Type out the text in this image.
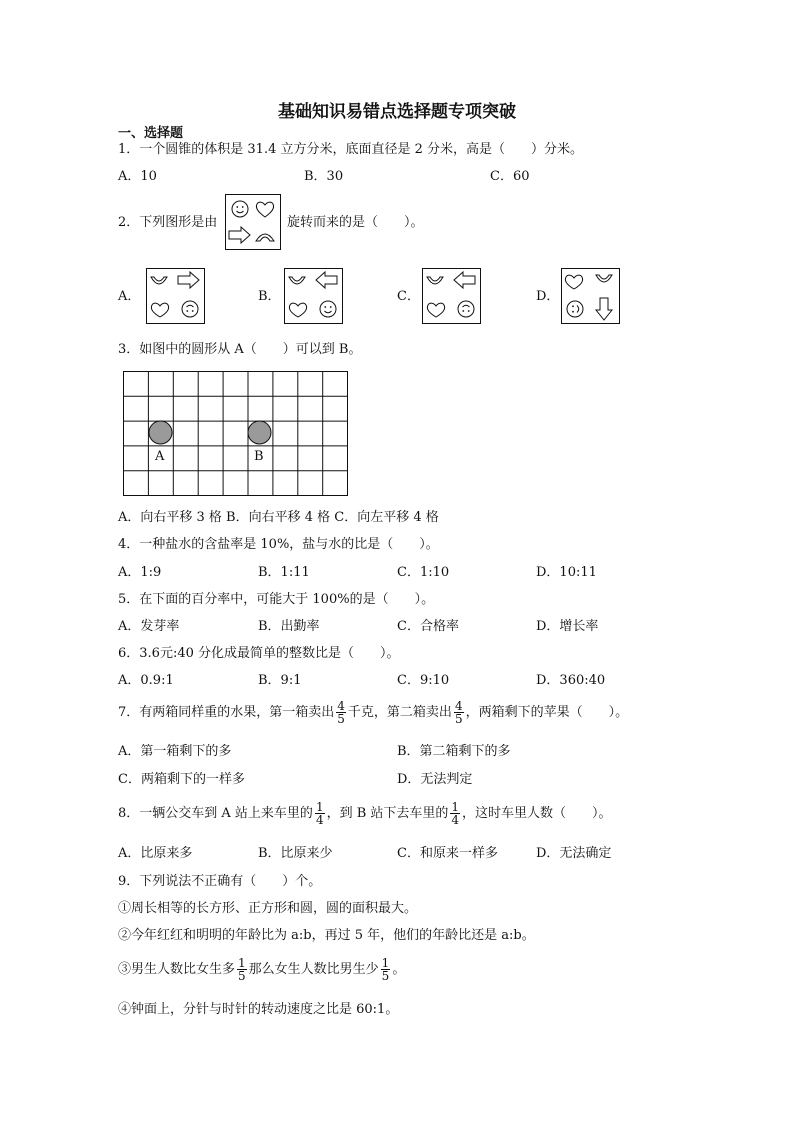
基础知识易错点选择题专项突破
一、选择题
1．一个圆锥的体积是 31.4 立方分米，底面直径是 2 分米，高是（　　）分米。
A．10	B．30	C．60
2．下列图形是由	旋转而来的是（　　）。
A．	B．	C．	D．
3．如图中的圆形从 A（　　）可以到 B。
A	B
A．向右平移 3 格 B．向右平移 4 格 C．向左平移 4 格
4．一种盐水的含盐率是 10%，盐与水的比是（　　）。
A．1:9	B．1:11	C．1:10	D．10:11
5．在下面的百分率中，可能大于 100%的是（　　）。
A．发芽率	B．出勤率	C．合格率	D．增长率
6．3.6元:40 分化成最简单的整数比是（　　）。
A．0.9:1	B．9:1	C．9:10	D．360:40
7．有两箱同样重的水果，第一箱卖出 $\frac{4}{5}$ 千克，第二箱卖出 $\frac{4}{5}$ ，两箱剩下的苹果（　　）。
A．第一箱剩下的多	B．第二箱剩下的多
C．两箱剩下的一样多	D．无法判定
8．一辆公交车到 A 站上来车里的 $\frac{1}{4}$ ，到 B 站下去车里的 $\frac{1}{4}$ ，这时车里人数（　　）。
A．比原来多	B．比原来少	C．和原来一样多	D．无法确定
9．下列说法不正确有（　　）个。
①周长相等的长方形、正方形和圆，圆的面积最大。
②今年红红和明明的年龄比为 a:b，再过 5 年，他们的年龄比还是 a:b。
③男生人数比女生多 $\frac{1}{5}$ 那么女生人数比男生少 $\frac{1}{5}$ 。
④钟面上，分针与时针的转动速度之比是 60:1。
